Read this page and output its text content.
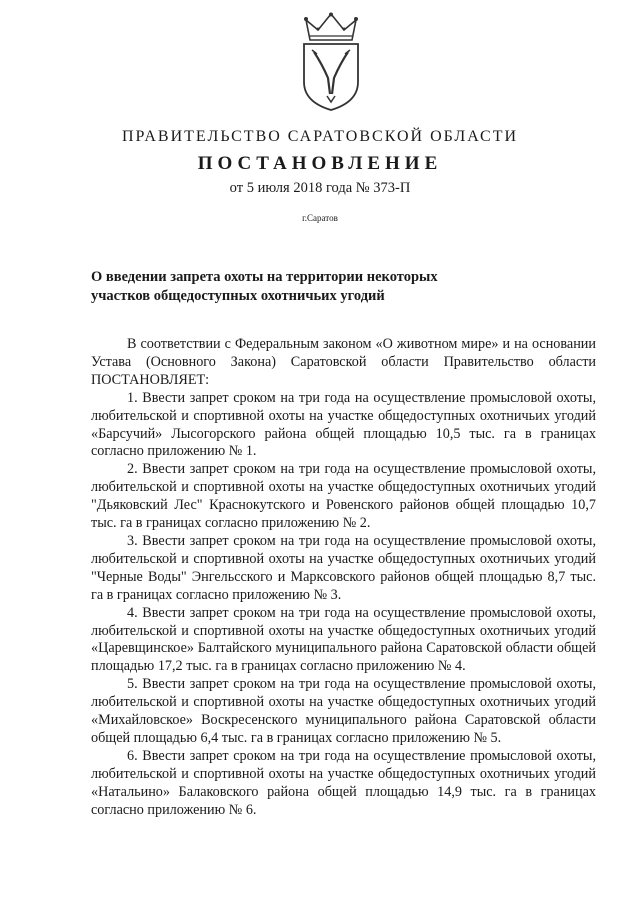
ПРАВИТЕЛЬСТВО САРАТОВСКОЙ ОБЛАСТИ
ПОСТАНОВЛЕНИЕ
от 5 июля 2018 года № 373-П
г.Саратов
О введении запрета охоты на территории некоторых
участков общедоступных охотничьих угодий

В соответствии с Федеральным законом «О животном мире» и на основании Устава (Основного Закона) Саратовской области Правительство области ПОСТАНОВЛЯЕТ:

1. Ввести запрет сроком на три года на осуществление промысловой охоты, любительской и спортивной охоты на участке общедоступных охотничьих угодий «Барсучий» Лысогорского района общей площадью 10,5 тыс. га в границах согласно приложению № 1.

2. Ввести запрет сроком на три года на осуществление промысловой охоты, любительской и спортивной охоты на участке общедоступных охотничьих угодий "Дьяковский Лес" Краснокутского и Ровенского районов общей площадью 10,7 тыс. га в границах согласно приложению № 2.

3. Ввести запрет сроком на три года на осуществление промысловой охоты, любительской и спортивной охоты на участке общедоступных охотничьих угодий "Черные Воды" Энгельсского и Марксовского районов общей площадью 8,7 тыс. га в границах согласно приложению № 3.

4. Ввести запрет сроком на три года на осуществление промысловой охоты, любительской и спортивной охоты на участке общедоступных охотничьих угодий «Царевщинское» Балтайского муниципального района Саратовской области общей площадью 17,2 тыс. га в границах согласно приложению № 4.

5. Ввести запрет сроком на три года на осуществление промысловой охоты, любительской и спортивной охоты на участке общедоступных охотничьих угодий «Михайловское» Воскресенского муниципального района Саратовской области общей площадью 6,4 тыс. га в границах согласно приложению № 5.

6. Ввести запрет сроком на три года на осуществление промысловой охоты, любительской и спортивной охоты на участке общедоступных охотничьих угодий «Натальино» Балаковского района общей площадью 14,9 тыс. га в границах согласно приложению № 6.
